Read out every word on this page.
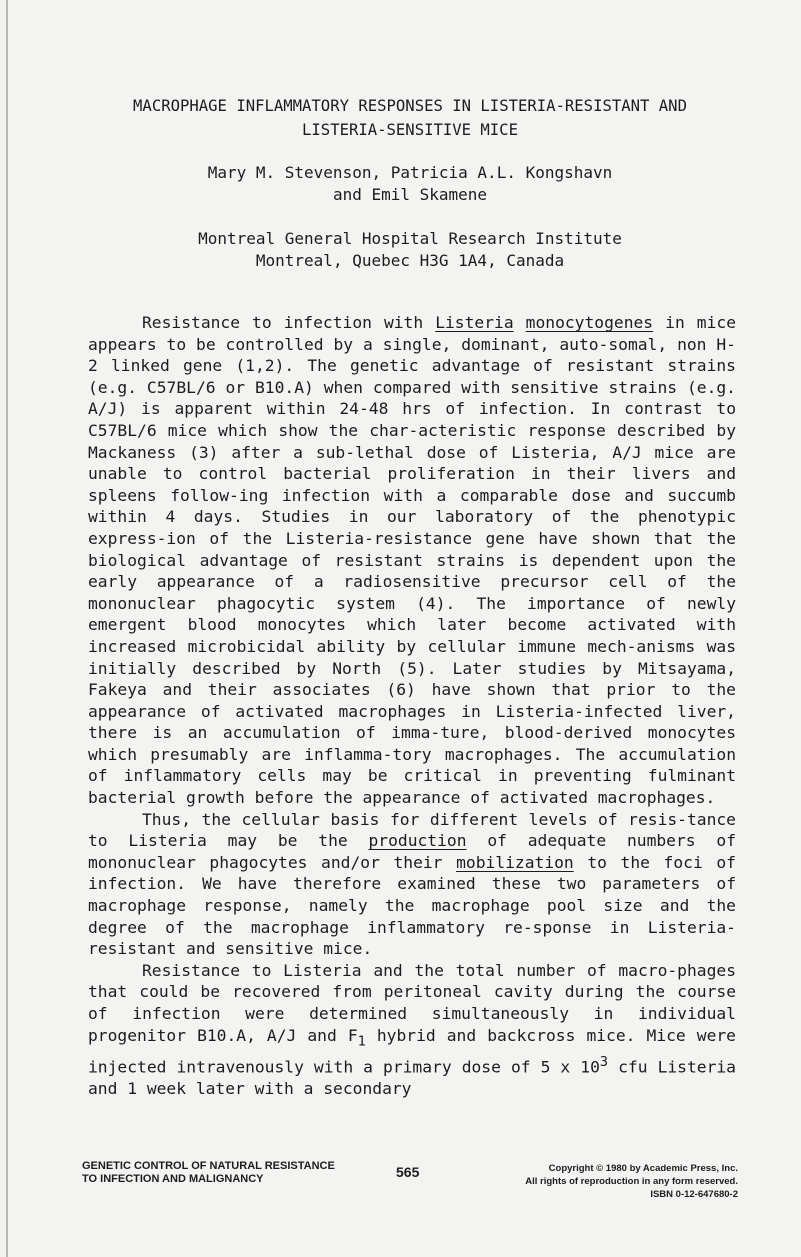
MACROPHAGE INFLAMMATORY RESPONSES IN LISTERIA-RESISTANT AND
LISTERIA-SENSITIVE MICE
Mary M. Stevenson, Patricia A.L. Kongshavn
and Emil Skamene
Montreal General Hospital Research Institute
Montreal, Quebec H3G 1A4, Canada

Resistance to infection with Listeria monocytogenes in mice appears to be controlled by a single, dominant, auto-somal, non H-2 linked gene (1,2). The genetic advantage of resistant strains (e.g. C57BL/6 or B10.A) when compared with sensitive strains (e.g. A/J) is apparent within 24-48 hrs of infection. In contrast to C57BL/6 mice which show the char-acteristic response described by Mackaness (3) after a sub-lethal dose of Listeria, A/J mice are unable to control bacterial proliferation in their livers and spleens follow-ing infection with a comparable dose and succumb within 4 days. Studies in our laboratory of the phenotypic express-ion of the Listeria-resistance gene have shown that the biological advantage of resistant strains is dependent upon the early appearance of a radiosensitive precursor cell of the mononuclear phagocytic system (4). The importance of newly emergent blood monocytes which later become activated with increased microbicidal ability by cellular immune mech-anisms was initially described by North (5). Later studies by Mitsayama, Fakeya and their associates (6) have shown that prior to the appearance of activated macrophages in Listeria-infected liver, there is an accumulation of imma-ture, blood-derived monocytes which presumably are inflamma-tory macrophages. The accumulation of inflammatory cells may be critical in preventing fulminant bacterial growth before the appearance of activated macrophages.

Thus, the cellular basis for different levels of resis-tance to Listeria may be the production of adequate numbers of mononuclear phagocytes and/or their mobilization to the foci of infection. We have therefore examined these two parameters of macrophage response, namely the macrophage pool size and the degree of the macrophage inflammatory re-sponse in Listeria-resistant and sensitive mice.

Resistance to Listeria and the total number of macro-phages that could be recovered from peritoneal cavity during the course of infection were determined simultaneously in individual progenitor B10.A, A/J and $F_1$ hybrid and backcross mice. Mice were injected intravenously with a primary dose of 5 x $10^3$ cfu Listeria and 1 week later with a secondary

GENETIC CONTROL OF NATURAL RESISTANCE
TO INFECTION AND MALIGNANCY	565	Copyright © 1980 by Academic Press, Inc.
All rights of reproduction in any form reserved.
ISBN 0-12-647680-2
